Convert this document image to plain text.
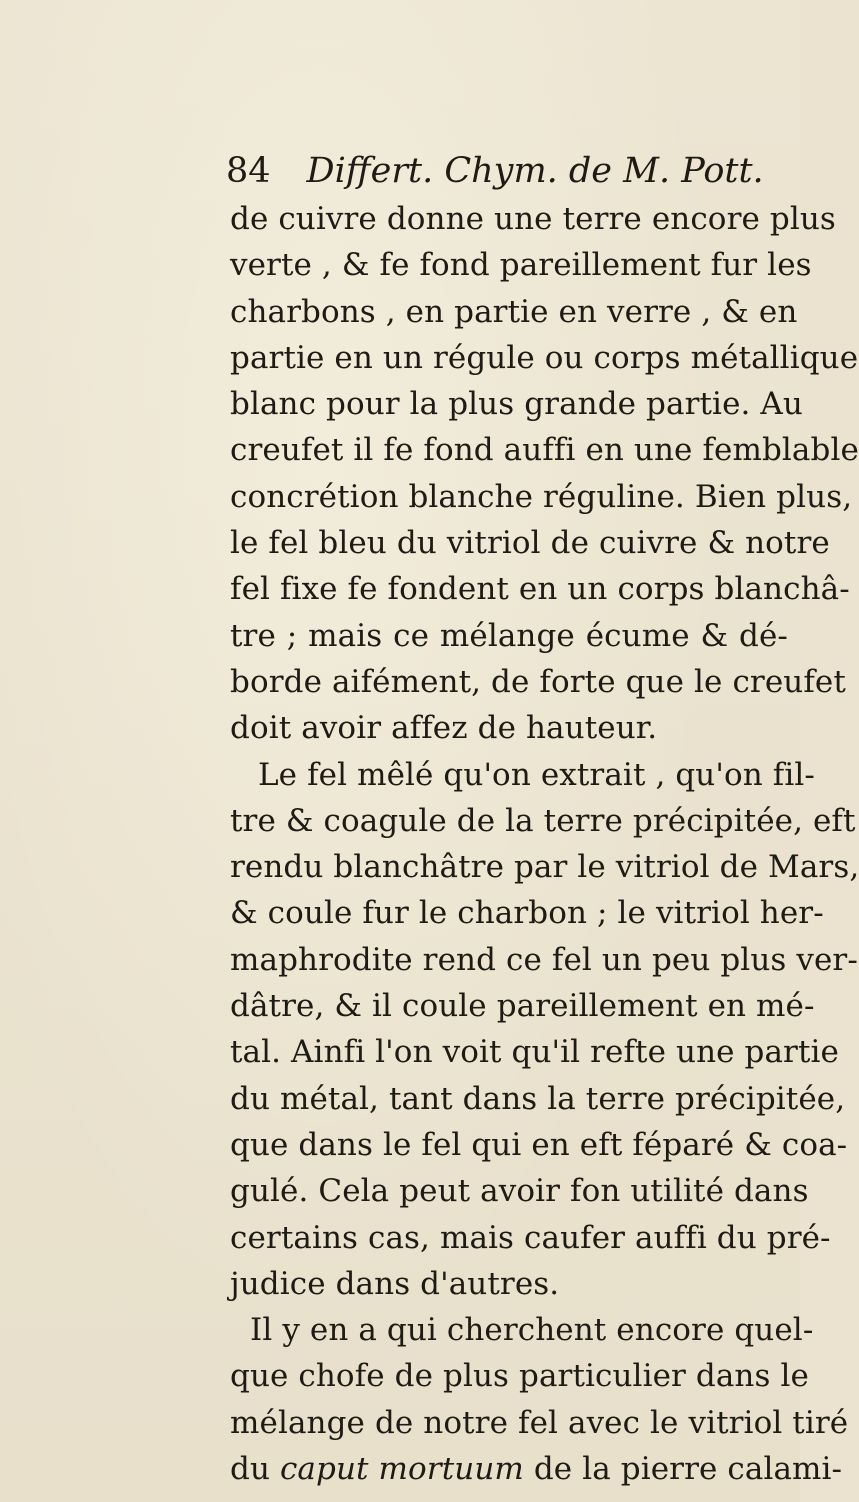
84 Differt. Chym. de M. Pott.
de cuivre donne une terre encore plus
verte , & fe fond pareillement fur les
charbons , en partie en verre , & en
partie en un régule ou corps métallique
blanc pour la plus grande partie. Au
creufet il fe fond auffi en une femblable
concrétion blanche réguline. Bien plus,
le fel bleu du vitriol de cuivre & notre
fel fixe fe fondent en un corps blanchâ-
tre ; mais ce mélange écume & dé-
borde aifément, de forte que le creufet
doit avoir affez de hauteur.
Le fel mêlé qu'on extrait , qu'on fil-
tre & coagule de la terre précipitée, eft
rendu blanchâtre par le vitriol de Mars,
& coule fur le charbon ; le vitriol her-
maphrodite rend ce fel un peu plus ver-
dâtre, & il coule pareillement en mé-
tal. Ainfi l'on voit qu'il refte une partie
du métal, tant dans la terre précipitée,
que dans le fel qui en eft féparé & coa-
gulé. Cela peut avoir fon utilité dans
certains cas, mais caufer auffi du pré-
judice dans d'autres.
Il y en a qui cherchent encore quel-
que chofe de plus particulier dans le
mélange de notre fel avec le vitriol tiré
du caput mortuum de la pierre calami-
